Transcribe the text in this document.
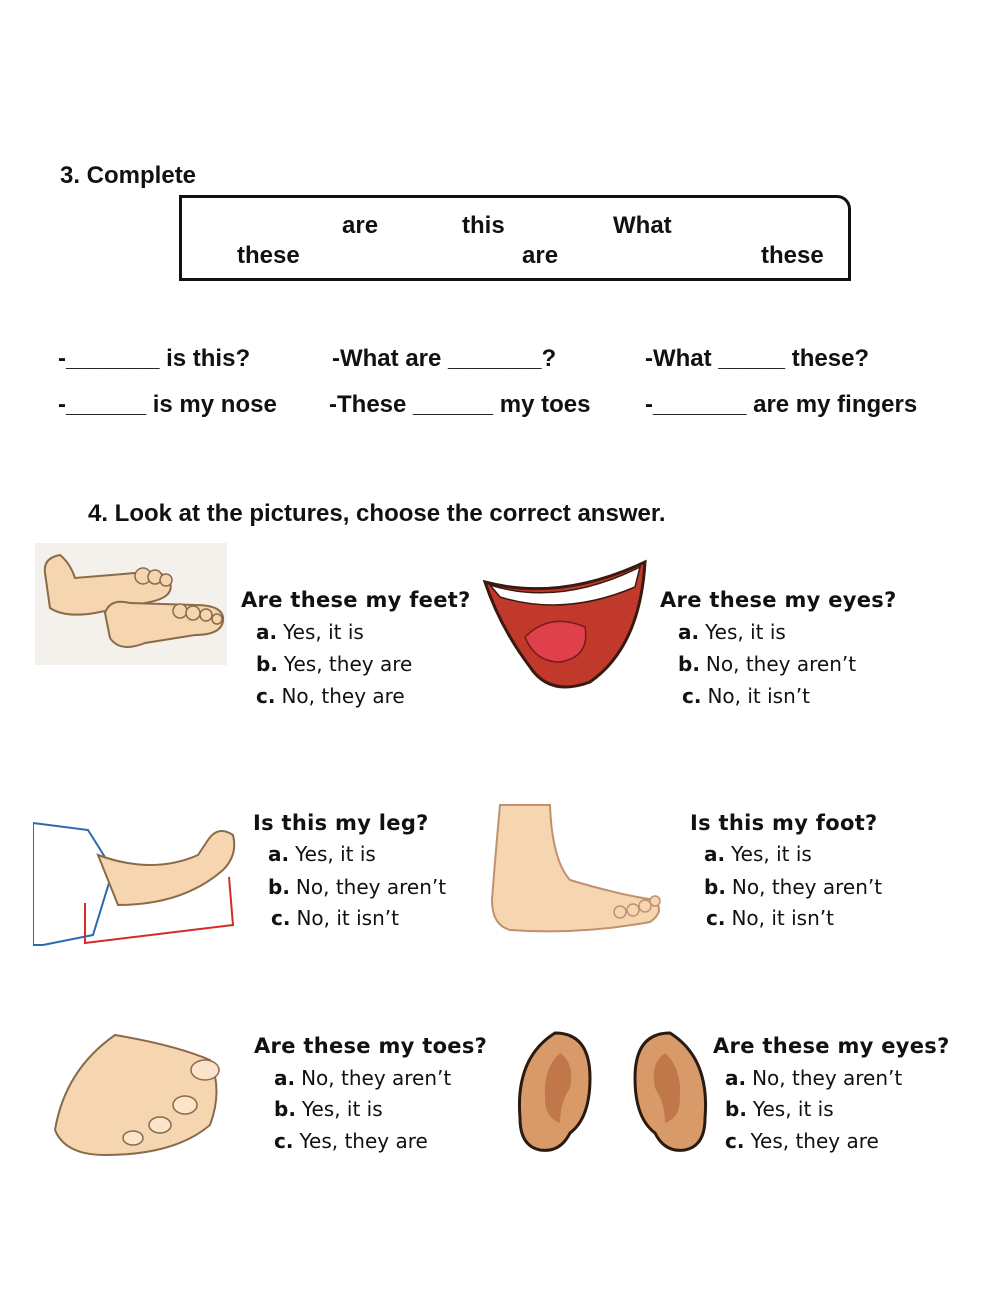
3. Complete
are	this	What
these	are	these
-_______ is this?	-What are _______?	-What _____ these?
-______ is my nose -These ______ my toes -_______ are my fingers
4. Look at the pictures, choose the correct answer.
Are these my feet?
a. Yes, it is
b. Yes, they are
c. No, they are
Are these my eyes?
a. Yes, it is
b. No, they aren’t
c. No, it isn’t
Is this my leg?
a. Yes, it is
b. No, they aren’t
c. No, it isn’t
Is this my foot?
a. Yes, it is
b. No, they aren’t
c. No, it isn’t
Are these my toes?
a. No, they aren’t
b. Yes, it is
c. Yes, they are
Are these my eyes?
a. No, they aren’t
b. Yes, it is
c. Yes, they are
